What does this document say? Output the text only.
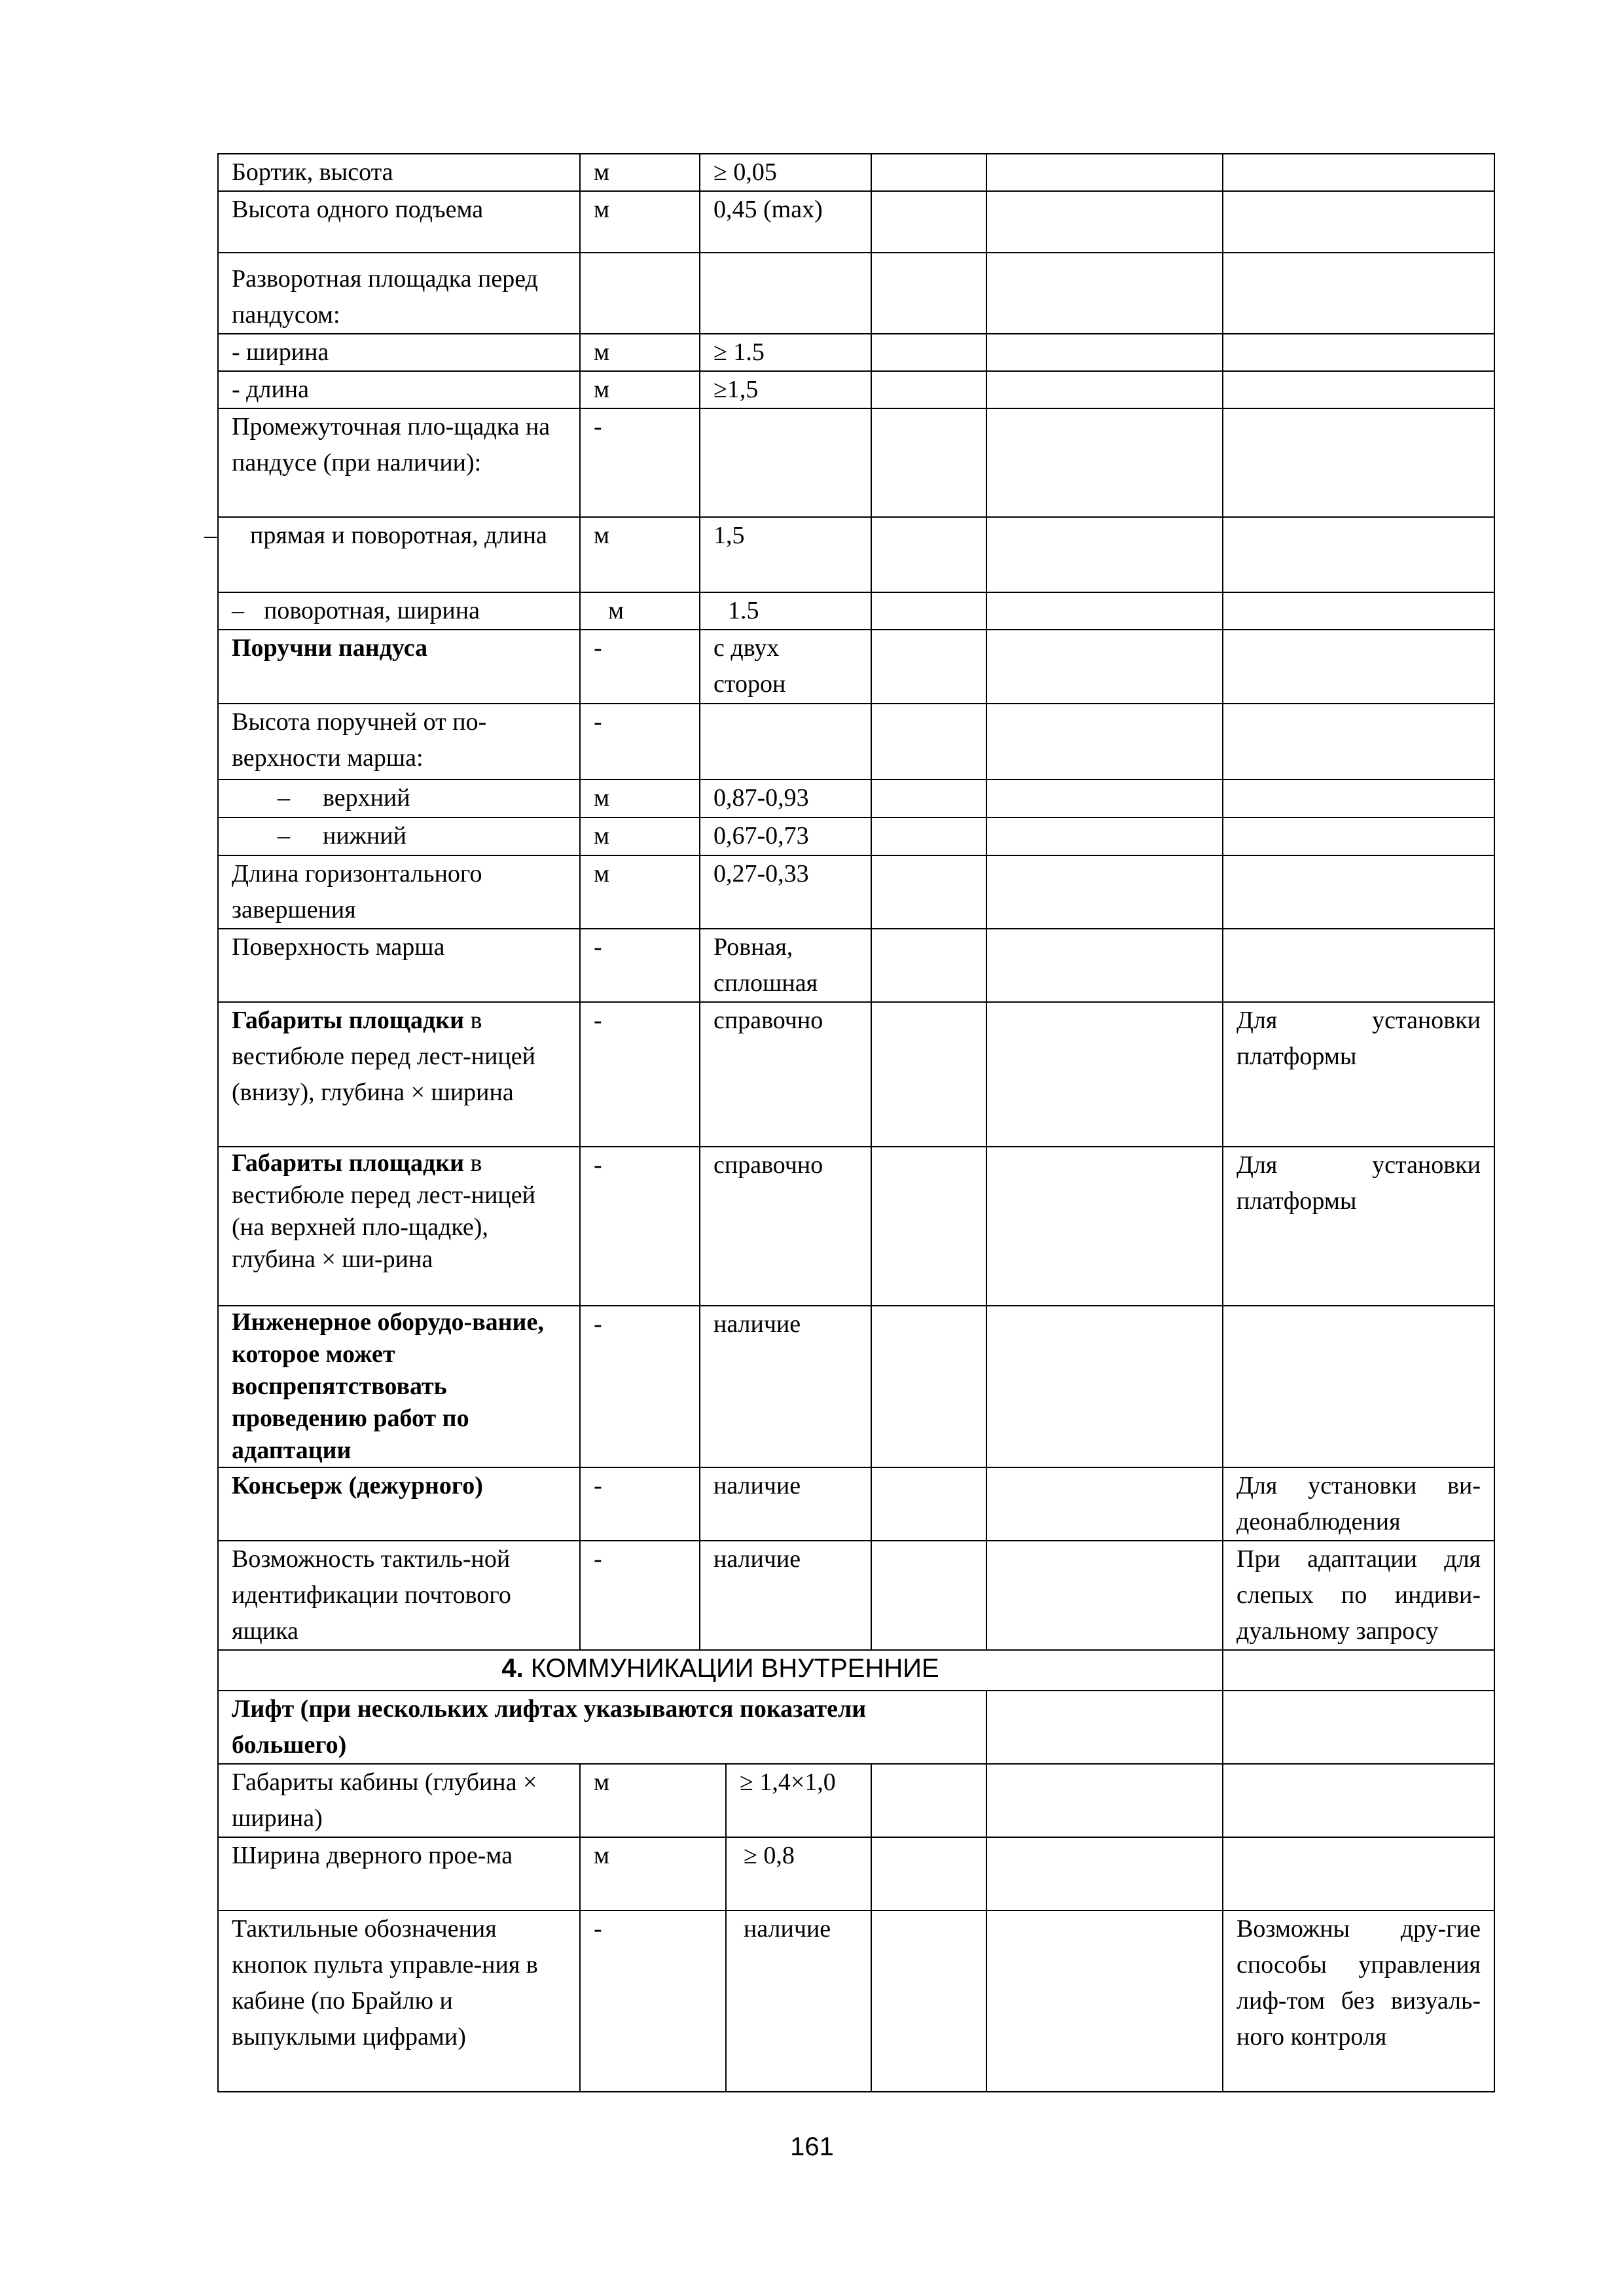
Бортик, высота	м	≥ 0,05				
Высота одного подъема	м	0,45 (max)				
Разворотная площадка перед пандусом:						
- ширина	м	≥ 1.5				
- длина	м	≥1,5				
Промежуточная пло-щадка на пандусе (при наличии):	-					
– прямая и поворотная, длина	м	1,5				
– поворотная, ширина	м	1.5				
Поручни пандуса	-	с двух сторон				
Высота поручней от по-верхности марша:	-					
– верхний	м	0,87-0,93				
– нижний	м	0,67-0,73				
Длина горизонтального завершения	м	0,27-0,33				
Поверхность марша	-	Ровная, сплошная				
Габариты площадки в вестибюле перед лест-ницей (внизу), глубина × ширина	-	справочно				Для установки платформы
Габариты площадки в вестибюле перед лест-ницей (на верхней пло-щадке), глубина × ши-рина	-	справочно				Для установки платформы
Инженерное оборудо-вание, которое может воспрепятствовать проведению работ по адаптации	-	наличие				
Консьерж (дежурного)	-	наличие				Для установки ви-деонаблюдения
Возможность тактиль-ной идентификации почтового ящика	-	наличие				При адаптации для слепых по индиви-дуальному запросу
4. КОММУНИКАЦИИ ВНУТРЕННИЕ						
Лифт (при нескольких лифтах указываются показатели большего)						
Габариты кабины (глубина × ширина)	м		≥ 1,4×1,0			
Ширина дверного прое-ма	м		≥ 0,8			
Тактильные обозначения кнопок пульта управле-ния в кабине (по Брайлю и выпуклыми цифрами)	-		наличие			Возможны дру-гие способы управления лиф-том без визуаль-ного контроля
161
